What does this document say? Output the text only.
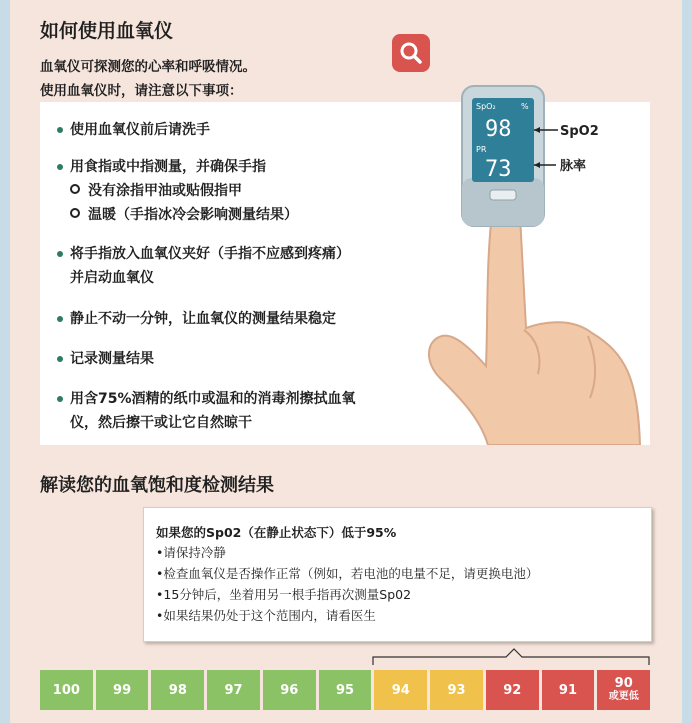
如何使用血氧仪
血氧仪可探测您的心率和呼吸情况。
使用血氧仪时，请注意以下事项：
使用血氧仪前后请洗手
用食指或中指测量，并确保手指
没有涂指甲油或贴假指甲
温暖（手指冰冷会影响测量结果）
将手指放入血氧仪夹好（手指不应感到疼痛）
并启动血氧仪
静止不动一分钟，让血氧仪的测量结果稳定
记录测量结果
用含75%酒精的纸巾或温和的消毒剂擦拭血氧
仪，然后擦干或让它自然晾干
SpO₂	%
98
PR
73
SpO2
脉率
解读您的血氧饱和度检测结果
如果您的Sp02（在静止状态下）低于95%
•请保持冷静
•检查血氧仪是否操作正常（例如，若电池的电量不足，请更换电池）
•15分钟后，坐着用另一根手指再次测量Sp02
•如果结果仍处于这个范围内，请看医生
100	99	98	97	96	95	94	93	92	91	90
或更低
